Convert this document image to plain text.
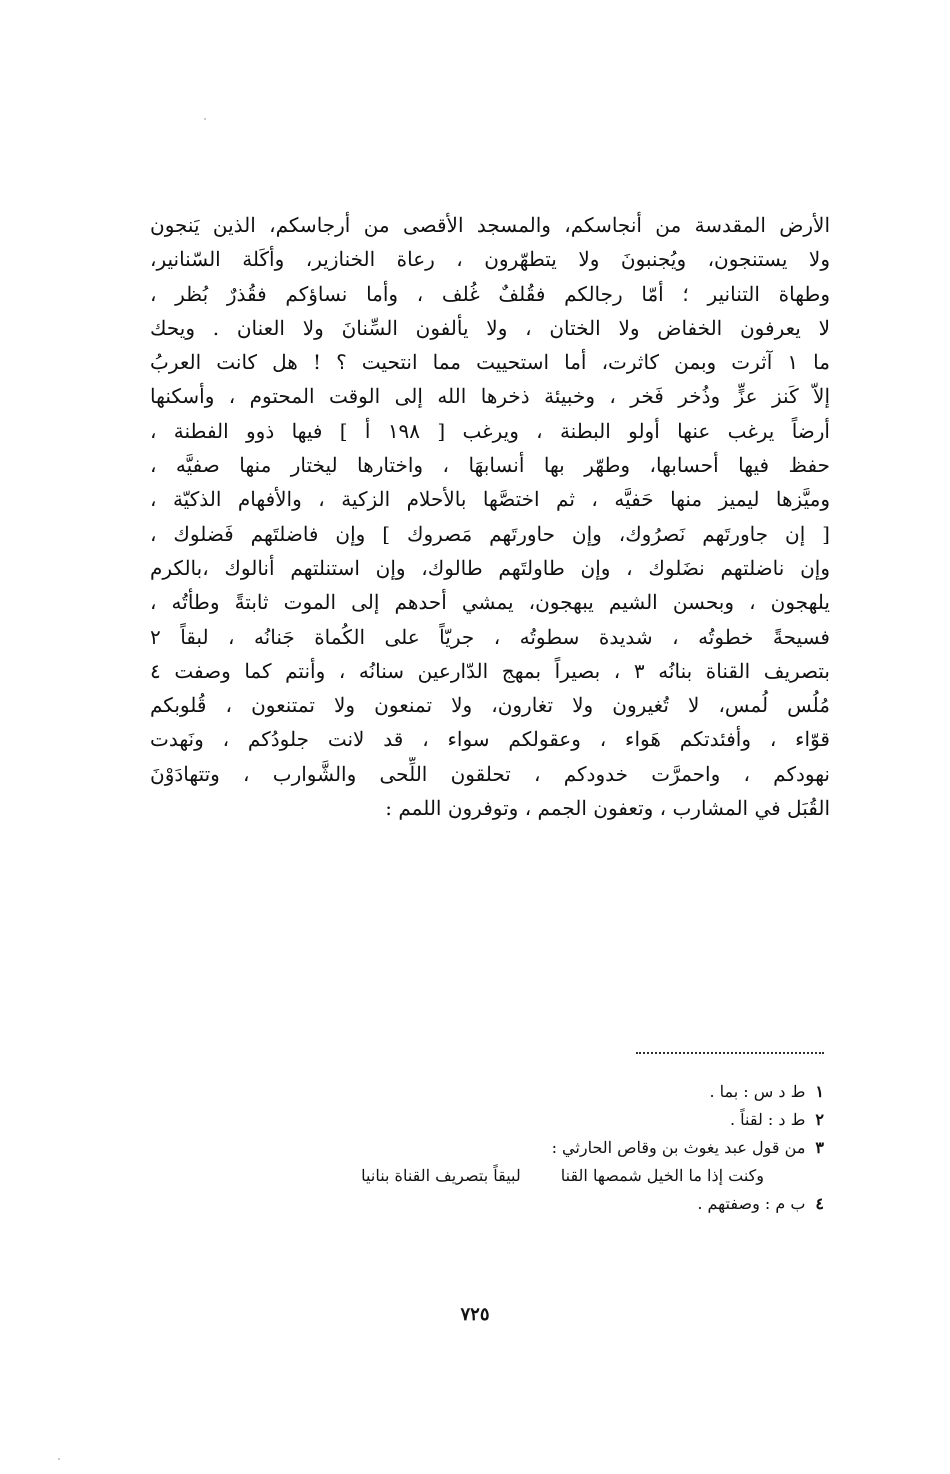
الأرض المقدسة من أنجاسكم، والمسجد الأقصى من أرجاسكم، الذين يَنجون
ولا يستنجون، ويُجنبونَ ولا يتطهّرون ، رعاة الخنازير، وأكَلة السّنانير،
وطهاة التنانير ؛ أمّا رجالكم فقُلفٌ غُلف ، وأما نساؤكم فقُذرٌ بُظر ،
لا يعرفون الخفاض ولا الختان ، ولا يألفون السِّنانَ ولا العنان . ويحك
ما ١ آثرت وبمن كاثرت، أما استحييت مما انتحيت ؟ ! هل كانت العربُ
إلاّ كَنز عزٍّ وذُخر فَخر ، وخبيئة ذخرها الله إلى الوقت المحتوم ، وأسكنها
أرضاً يرغب عنها أولو البطنة ، ويرغب [ ١٩٨ أ ] فيها ذوو الفطنة ،
حفظ فيها أحسابها، وطهّر بها أنسابهَا ، واختارها ليختار منها صفيَّه ،
وميَّزها ليميز منها حَفيَّه ، ثم اختصَّها بالأحلام الزكية ، والأفهام الذكيّة ،
[ إن جاورتَهم نَصرُوك، وإن حاورتَهم مَصروك ] وإن فاضلتَهم فَضلوك ،
وإن ناضلتهم نضَلوك ، وإن طاولتَهم طالوك، وإن استنلتهم أنالوك ،بالكرم
يلهجون ، وبحسن الشيم يبهجون، يمشي أحدهم إلى الموت ثابتةً وطأتُه ،
فسيحةً خطوتُه ، شديدة سطوتُه ، جريّاً على الكُماة جَنانُه ، لبقاً ٢
بتصريف القناة بنانُه ٣ ، بصيراً بمهج الدّارعين سنانُه ، وأنتم كما وصفت ٤
مُلُس لُمس، لا تُغيرون ولا تغارون، ولا تمنعون ولا تمتنعون ، قُلوبكم
قوّاء ، وأفئدتكم هَواء ، وعقولكم سواء ، قد لانت جلودُكم ، ونَهدت
نهودكم ، واحمرَّت خدودكم ، تحلقون اللِّحى والشَّوارب ، وتتهادَوْنَ
القُبَل في المشارب ، وتعفون الجمم ، وتوفرون اللمم :
١ط د س : بما .
٢ط د : لقناً .
٣من قول عبد يغوث بن وقاص الحارثي :
وكنت إذا ما الخيل شمصها القنالبيقاً بتصريف القناة بنانيا
٤ب م : وصفتهم .
٧٢٥
